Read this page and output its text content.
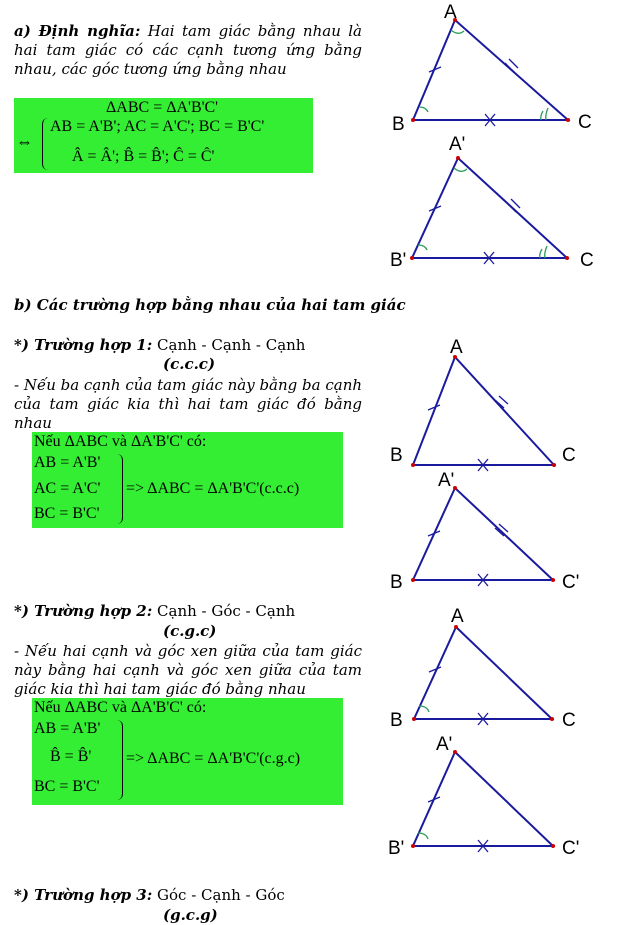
a) Định nghĩa: Hai tam giác bằng nhau là hai tam giác có các cạnh tương ứng bằng nhau, các góc tương ứng bằng nhau
ΔABC = ΔA'B'C'
⇔
AB = A'B'; AC = A'C'; BC = B'C'
Â = Â'; B̂ = B̂'; Ĉ = Ĉ'
b) Các trường hợp bằng nhau của hai tam giác
*) Trường hợp 1: Cạnh - Cạnh - Cạnh
(c.c.c)
- Nếu ba cạnh của tam giác này bằng ba cạnh của tam giác kia thì hai tam giác đó bằng nhau
Nếu ΔABC và ΔA'B'C' có:
AB = A'B'
AC = A'C'
BC = B'C'
=> ΔABC = ΔA'B'C'(c.c.c)
*) Trường hợp 2: Cạnh - Góc - Cạnh
(c.g.c)
- Nếu hai cạnh và góc xen giữa của tam giác này bằng hai cạnh và góc xen giữa của tam giác kia thì hai tam giác đó bằng nhau
Nếu ΔABC và ΔA'B'C' có:
AB = A'B'
B̂ = B̂'
BC = B'C'
=> ΔABC = ΔA'B'C'(c.g.c)
*) Trường hợp 3: Góc - Cạnh - Góc
(g.c.g)
A
B	C
A'
B'	C
A
B	C
A'
B	C'
A
B	C
A'
B'	C'
